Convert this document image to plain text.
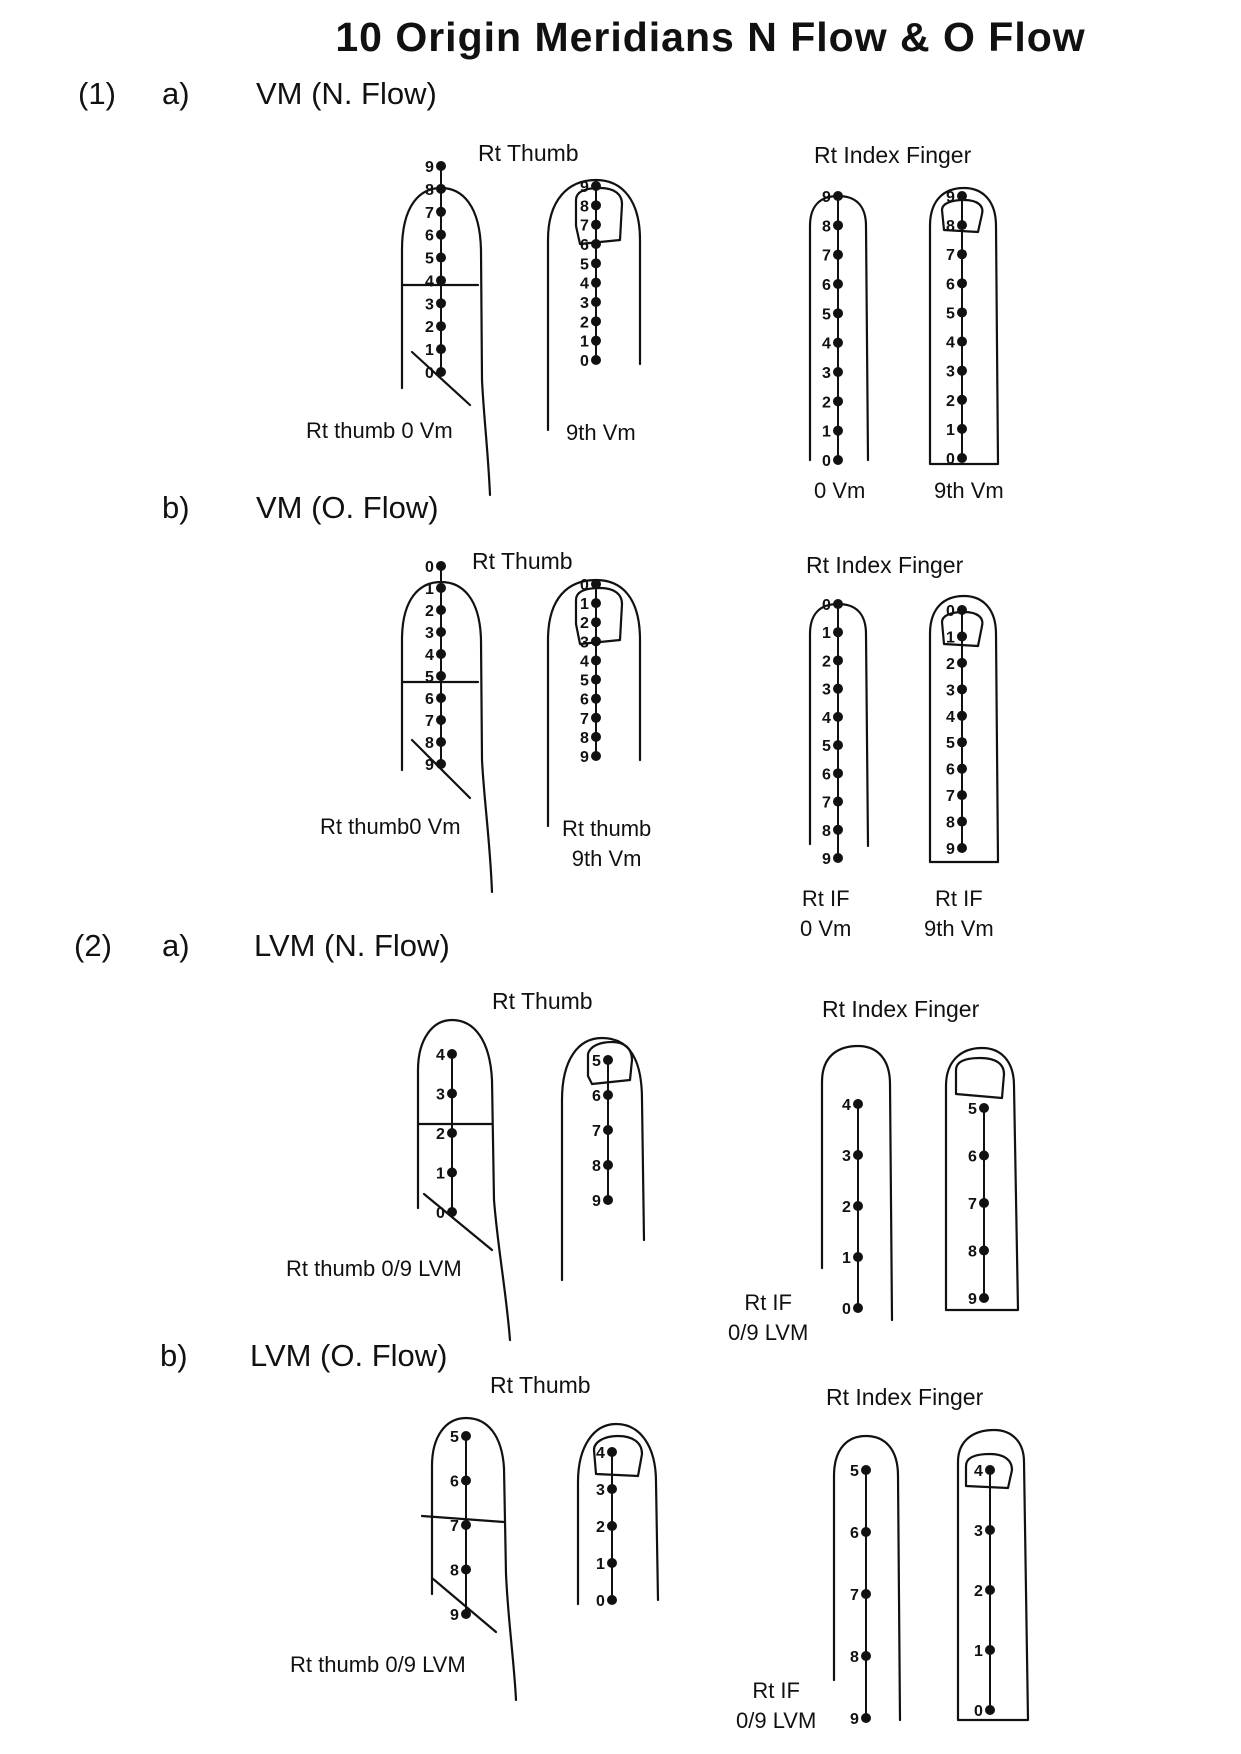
10 Origin Meridians N Flow & O Flow
(1) a) VM (N. Flow)
Rt Thumb	Rt Index Finger
Rt thumb 0 Vm	9th Vm
0 Vm	9th Vm
b) VM (O. Flow)
Rt Thumb	Rt Index Finger
Rt thumb0 Vm	Rt thumb
9th Vm
Rt IF
0 Vm
Rt IF
9th Vm
(2) a) LVM (N. Flow)
Rt Thumb	Rt Index Finger
Rt thumb 0/9 LVM
Rt IF
0/9 LVM
b) LVM (O. Flow)
Rt Thumb	Rt Index Finger
Rt thumb 0/9 LVM
Rt IF
0/9 LVM
9
8
7
6
5
4
3
2
1
0
9
8
7
6
5
4
3
2
1
0
9
8
7
6
5
4
3
2
1
0
9
8
7
6
5
4
3
2
1
0
0
1
2
3
4
5
6
7
8
9
0
1
2
3
4
5
6
7
8
9
0
1
2
3
4
5
6
7
8
9
0
1
2
3
4
5
6
7
8
9
4
3
2
1
0
5
6
7
8
9
4
3
2
1
0
5
6
7
8
9
5
6
7
8
9
4
3
2
1
0
5
6
7
8
9
4
3
2
1
0
